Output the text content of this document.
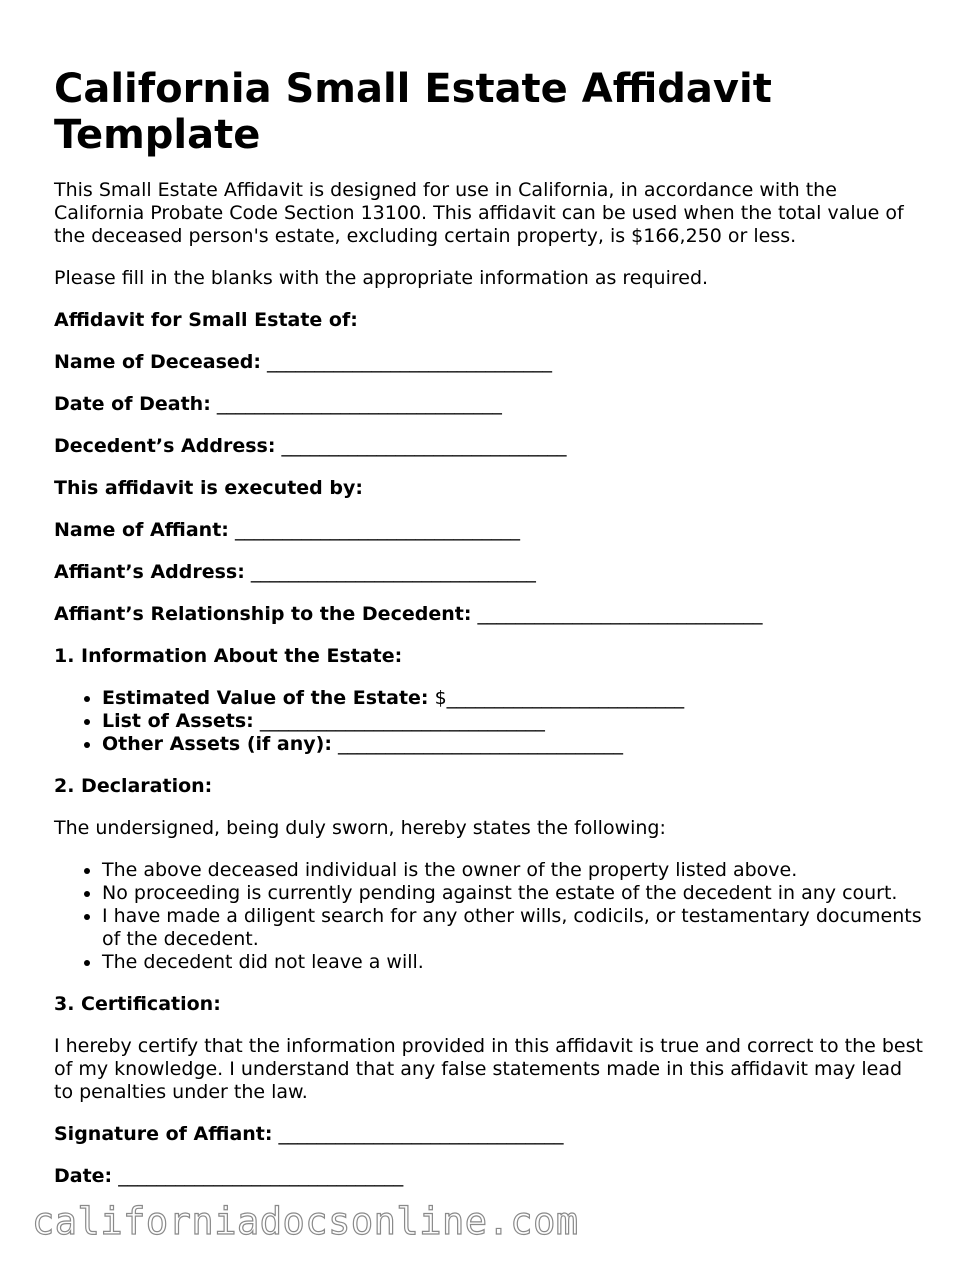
California Small Estate Affidavit Template

This Small Estate Affidavit is designed for use in California, in accordance with the California Probate Code Section 13100. This affidavit can be used when the total value of the deceased person's estate, excluding certain property, is $166,250 or less.

Please fill in the blanks with the appropriate information as required.

Affidavit for Small Estate of:

Name of Deceased: ______________________________

Date of Death: ______________________________

Decedent’s Address: ______________________________

This affidavit is executed by:

Name of Affiant: ______________________________

Affiant’s Address: ______________________________

Affiant’s Relationship to the Decedent: ______________________________

1. Information About the Estate:

• Estimated Value of the Estate: $_________________________
• List of Assets: ______________________________
• Other Assets (if any): ______________________________

2. Declaration:

The undersigned, being duly sworn, hereby states the following:

• The above deceased individual is the owner of the property listed above.
• No proceeding is currently pending against the estate of the decedent in any court.
• I have made a diligent search for any other wills, codicils, or testamentary documents of the decedent.
• The decedent did not leave a will.

3. Certification:

I hereby certify that the information provided in this affidavit is true and correct to the best of my knowledge. I understand that any false statements made in this affidavit may lead to penalties under the law.

Signature of Affiant: ______________________________

Date: ______________________________

californiadocsonline.com
